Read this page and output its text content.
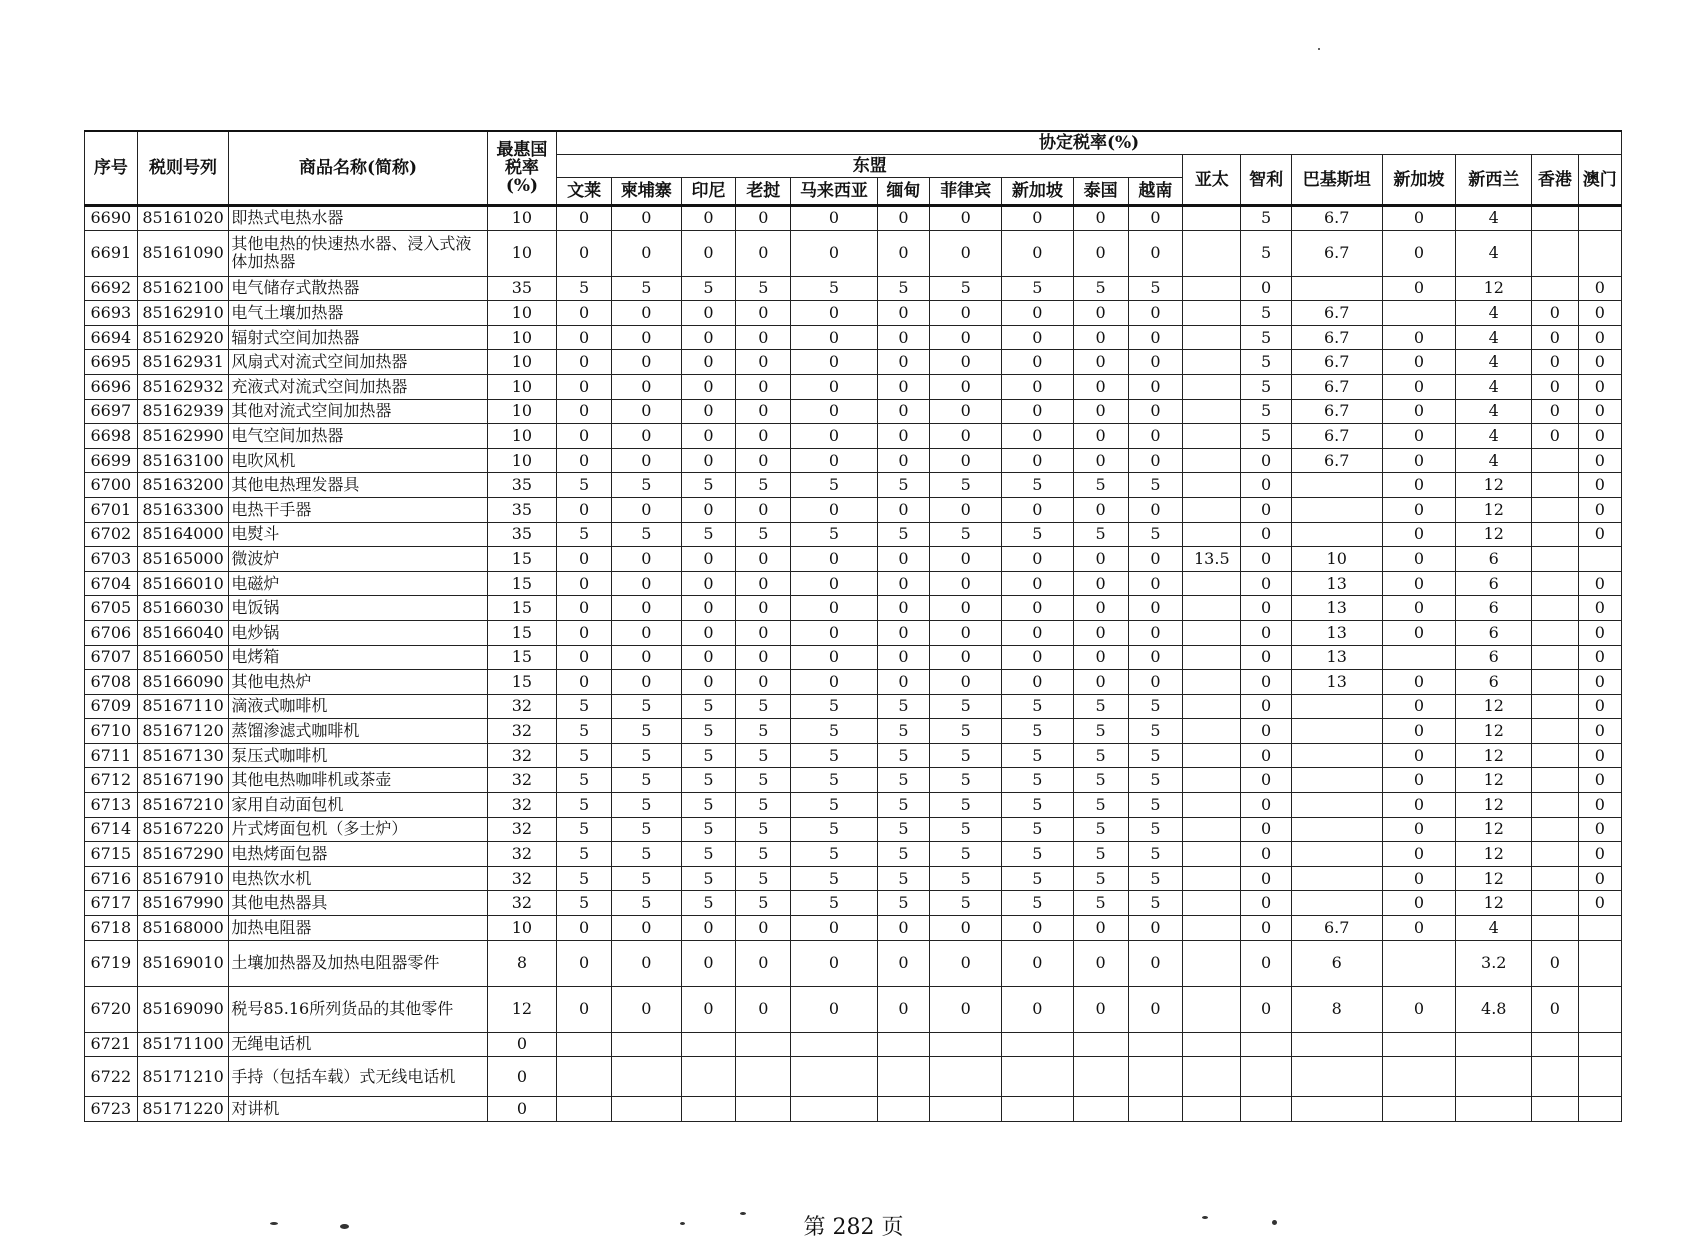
序号	税则号列	商品名称(简称)	最惠国税率(%)	协定税率(%)																
				东盟										亚太	智利	巴基斯坦	新加坡	新西兰	香港	澳门
				文莱	柬埔寨	印尼	老挝	马来西亚	缅甸	菲律宾	新加坡	泰国	越南							
6690	85161020	即热式电热水器	10	0	0	0	0	0	0	0	0	0	0		5	6.7	0	4		
6691	85161090	其他电热的快速热水器、浸入式液体加热器	10	0	0	0	0	0	0	0	0	0	0		5	6.7	0	4		
6692	85162100	电气储存式散热器	35	5	5	5	5	5	5	5	5	5	5		0		0	12		0
6693	85162910	电气土壤加热器	10	0	0	0	0	0	0	0	0	0	0		5	6.7		4	0	0
6694	85162920	辐射式空间加热器	10	0	0	0	0	0	0	0	0	0	0		5	6.7	0	4	0	0
6695	85162931	风扇式对流式空间加热器	10	0	0	0	0	0	0	0	0	0	0		5	6.7	0	4	0	0
6696	85162932	充液式对流式空间加热器	10	0	0	0	0	0	0	0	0	0	0		5	6.7	0	4	0	0
6697	85162939	其他对流式空间加热器	10	0	0	0	0	0	0	0	0	0	0		5	6.7	0	4	0	0
6698	85162990	电气空间加热器	10	0	0	0	0	0	0	0	0	0	0		5	6.7	0	4	0	0
6699	85163100	电吹风机	10	0	0	0	0	0	0	0	0	0	0		0	6.7	0	4		0
6700	85163200	其他电热理发器具	35	5	5	5	5	5	5	5	5	5	5		0		0	12		0
6701	85163300	电热干手器	35	0	0	0	0	0	0	0	0	0	0		0		0	12		0
6702	85164000	电熨斗	35	5	5	5	5	5	5	5	5	5	5		0		0	12		0
6703	85165000	微波炉	15	0	0	0	0	0	0	0	0	0	0	13.5	0	10	0	6		
6704	85166010	电磁炉	15	0	0	0	0	0	0	0	0	0	0		0	13	0	6		0
6705	85166030	电饭锅	15	0	0	0	0	0	0	0	0	0	0		0	13	0	6		0
6706	85166040	电炒锅	15	0	0	0	0	0	0	0	0	0	0		0	13	0	6		0
6707	85166050	电烤箱	15	0	0	0	0	0	0	0	0	0	0		0	13		6		0
6708	85166090	其他电热炉	15	0	0	0	0	0	0	0	0	0	0		0	13	0	6		0
6709	85167110	滴液式咖啡机	32	5	5	5	5	5	5	5	5	5	5		0		0	12		0
6710	85167120	蒸馏渗滤式咖啡机	32	5	5	5	5	5	5	5	5	5	5		0		0	12		0
6711	85167130	泵压式咖啡机	32	5	5	5	5	5	5	5	5	5	5		0		0	12		0
6712	85167190	其他电热咖啡机或茶壶	32	5	5	5	5	5	5	5	5	5	5		0		0	12		0
6713	85167210	家用自动面包机	32	5	5	5	5	5	5	5	5	5	5		0		0	12		0
6714	85167220	片式烤面包机（多士炉）	32	5	5	5	5	5	5	5	5	5	5		0		0	12		0
6715	85167290	电热烤面包器	32	5	5	5	5	5	5	5	5	5	5		0		0	12		0
6716	85167910	电热饮水机	32	5	5	5	5	5	5	5	5	5	5		0		0	12		0
6717	85167990	其他电热器具	32	5	5	5	5	5	5	5	5	5	5		0		0	12		0
6718	85168000	加热电阻器	10	0	0	0	0	0	0	0	0	0	0		0	6.7	0	4		
6719	85169010	土壤加热器及加热电阻器零件	8	0	0	0	0	0	0	0	0	0	0		0	6		3.2	0	
6720	85169090	税号85.16所列货品的其他零件	12	0	0	0	0	0	0	0	0	0	0		0	8	0	4.8	0	
6721	85171100	无绳电话机	0																	
6722	85171210	手持（包括车载）式无线电话机	0																	
6723	85171220	对讲机	0																	
第 282 页
